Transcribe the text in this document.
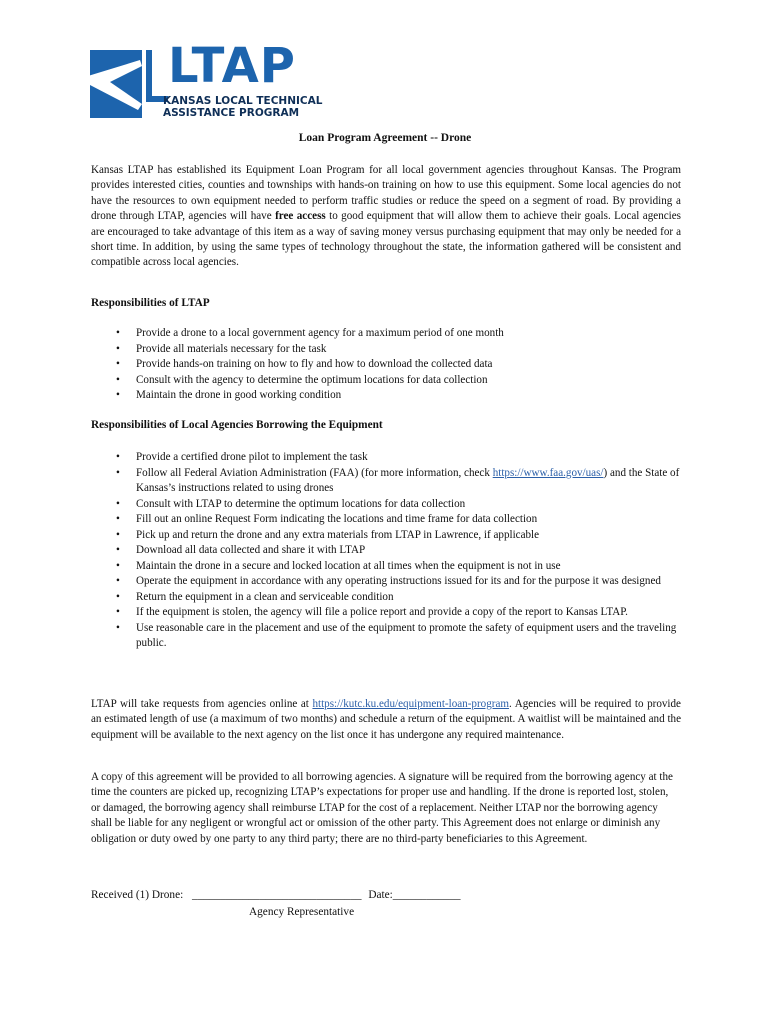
LTAP
KANSAS LOCAL TECHNICAL
ASSISTANCE PROGRAM
Loan Program Agreement -- Drone
Kansas LTAP has established its Equipment Loan Program for all local government agencies throughout Kansas. The Program provides interested cities, counties and townships with hands-on training on how to use this equipment. Some local agencies do not have the resources to own equipment needed to perform traffic studies or reduce the speed on a segment of road. By providing a drone through LTAP, agencies will have free access to good equipment that will allow them to achieve their goals. Local agencies are encouraged to take advantage of this item as a way of saving money versus purchasing equipment that may only be needed for a short time. In addition, by using the same types of technology throughout the state, the information gathered will be consistent and compatible across local agencies.
Responsibilities of LTAP
• Provide a drone to a local government agency for a maximum period of one month
• Provide all materials necessary for the task
• Provide hands-on training on how to fly and how to download the collected data
• Consult with the agency to determine the optimum locations for data collection
• Maintain the drone in good working condition
Responsibilities of Local Agencies Borrowing the Equipment
• Provide a certified drone pilot to implement the task
• Follow all Federal Aviation Administration (FAA) (for more information, check https://www.faa.gov/uas/) and the State of Kansas’s instructions related to using drones
• Consult with LTAP to determine the optimum locations for data collection
• Fill out an online Request Form indicating the locations and time frame for data collection
• Pick up and return the drone and any extra materials from LTAP in Lawrence, if applicable
• Download all data collected and share it with LTAP
• Maintain the drone in a secure and locked location at all times when the equipment is not in use
• Operate the equipment in accordance with any operating instructions issued for its and for the purpose it was designed
• Return the equipment in a clean and serviceable condition
• If the equipment is stolen, the agency will file a police report and provide a copy of the report to Kansas LTAP.
• Use reasonable care in the placement and use of the equipment to promote the safety of equipment users and the traveling public.
LTAP will take requests from agencies online at https://kutc.ku.edu/equipment-loan-program. Agencies will be required to provide an estimated length of use (a maximum of two months) and schedule a return of the equipment. A waitlist will be maintained and the equipment will be available to the next agency on the list once it has undergone any required maintenance.
A copy of this agreement will be provided to all borrowing agencies. A signature will be required from the borrowing agency at the time the counters are picked up, recognizing LTAP’s expectations for proper use and handling. If the drone is reported lost, stolen, or damaged, the borrowing agency shall reimburse LTAP for the cost of a replacement. Neither LTAP nor the borrowing agency shall be liable for any negligent or wrongful act or omission of the other party. This Agreement does not enlarge or diminish any obligation or duty owed by one party to any third party; there are no third-party beneficiaries to this Agreement.
Received (1) Drone: ______________________________ Date:____________
Agency Representative
